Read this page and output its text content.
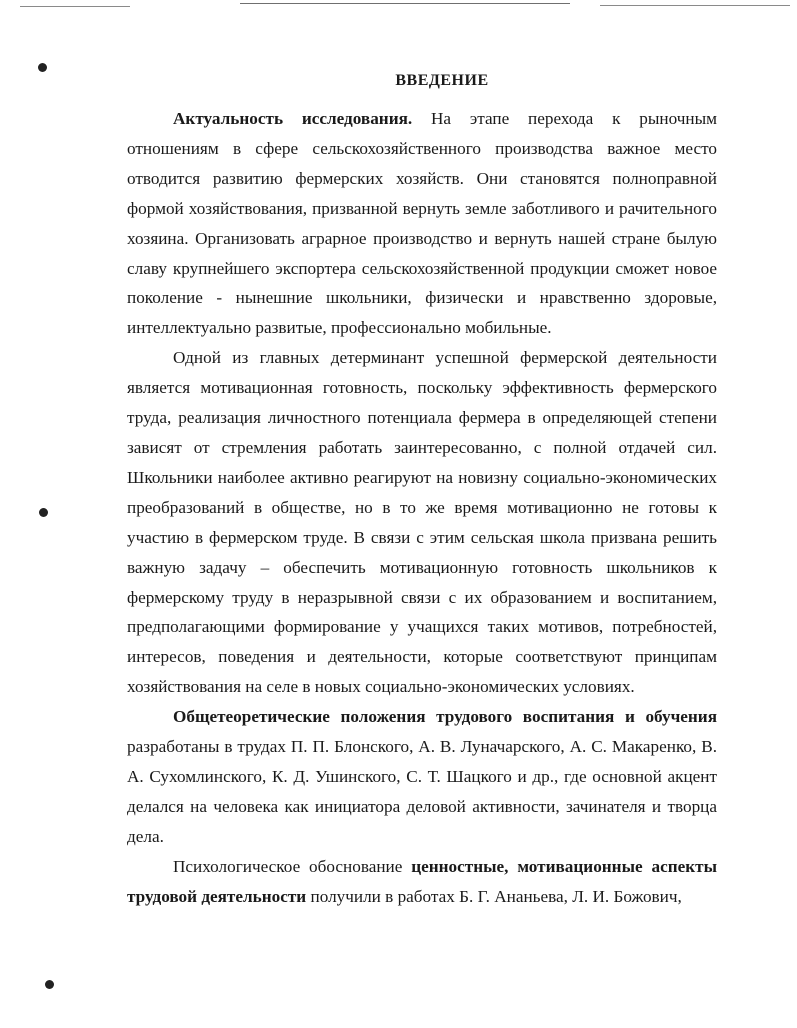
ВВЕДЕНИЕ

Актуальность исследования. На этапе перехода к рыночным отношениям в сфере сельскохозяйственного производства важное место отводится развитию фермерских хозяйств. Они становятся полноправной формой хозяйствования, призванной вернуть земле заботливого и рачительного хозяина. Организовать аграрное производство и вернуть нашей стране былую славу крупнейшего экспортера сельскохозяйственной продукции сможет новое поколение - нынешние школьники, физически и нравственно здоровые, интеллектуально развитые, профессионально мобильные.

Одной из главных детерминант успешной фермерской деятельности является мотивационная готовность, поскольку эффективность фермерского труда, реализация личностного потенциала фермера в определяющей степени зависят от стремления работать заинтересованно, с полной отдачей сил. Школьники наиболее активно реагируют на новизну социально-экономических преобразований в обществе, но в то же время мотивационно не готовы к участию в фермерском труде. В связи с этим сельская школа призвана решить важную задачу – обеспечить мотивационную готовность школьников к фермерскому труду в неразрывной связи с их образованием и воспитанием, предполагающими формирование у учащихся таких мотивов, потребностей, интересов, поведения и деятельности, которые соответствуют принципам хозяйствования на селе в новых социально-экономических условиях.

Общетеоретические положения трудового воспитания и обучения разработаны в трудах П. П. Блонского, А. В. Луначарского, А. С. Макаренко, В. А. Сухомлинского, К. Д. Ушинского, С. Т. Шацкого и др., где основной акцент делался на человека как инициатора деловой активности, зачинателя и творца дела.

Психологическое обоснование ценностные, мотивационные аспекты трудовой деятельности получили в работах Б. Г. Ананьева, Л. И. Божович,
